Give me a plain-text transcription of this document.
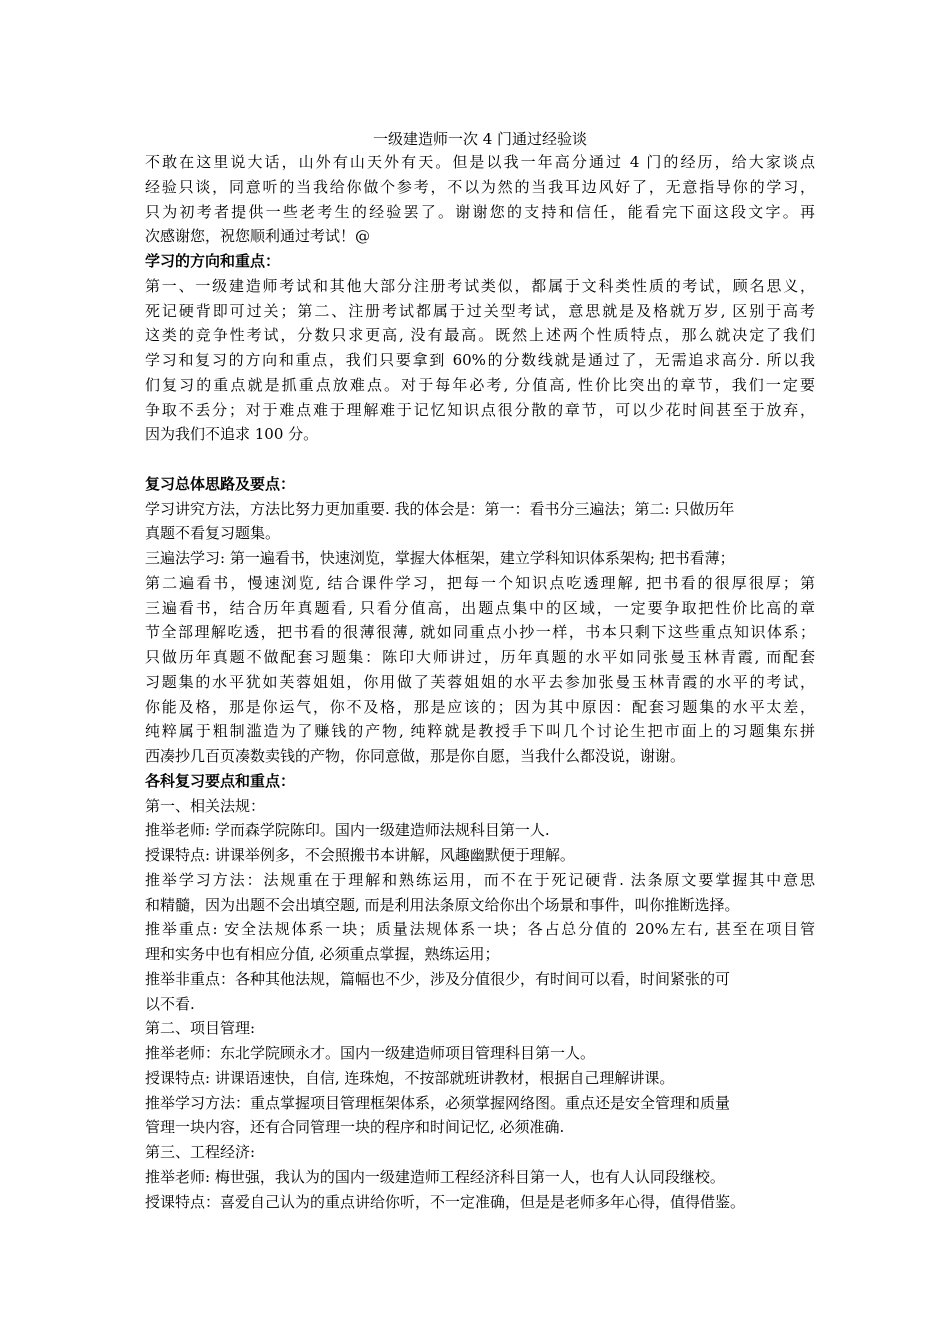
一级建造师一次 4 门通过经验谈
不敢在这里说大话，山外有山天外有天。但是以我一年高分通过 4 门的经历，给大家谈点
经验只谈，同意听的当我给你做个参考，不以为然的当我耳边风好了，无意指导你的学习，
只为初考者提供一些老考生的经验罢了。谢谢您的支持和信任，能看完下面这段文字。再
次感谢您，祝您顺利通过考试！@
学习的方向和重点：
第一、一级建造师考试和其他大部分注册考试类似，都属于文科类性质的考试，顾名思义，
死记硬背即可过关；第二、注册考试都属于过关型考试，意思就是及格就万岁, 区别于高考
这类的竞争性考试，分数只求更高, 没有最高。既然上述两个性质特点，那么就决定了我们
学习和复习的方向和重点，我们只要拿到 60%的分数线就是通过了，无需追求高分. 所以我
们复习的重点就是抓重点放难点。对于每年必考, 分值高, 性价比突出的章节，我们一定要
争取不丢分；对于难点难于理解难于记忆知识点很分散的章节，可以少花时间甚至于放弃，
因为我们不追求 100 分。
复习总体思路及要点：
学习讲究方法，方法比努力更加重要. 我的体会是：第一：看书分三遍法；第二: 只做历年
真题不看复习题集。
三遍法学习: 第一遍看书，快速浏览，掌握大体框架，建立学科知识体系架构; 把书看薄；
第二遍看书，慢速浏览, 结合课件学习，把每一个知识点吃透理解, 把书看的很厚很厚；第
三遍看书，结合历年真题看, 只看分值高，出题点集中的区域，一定要争取把性价比高的章
节全部理解吃透，把书看的很薄很薄, 就如同重点小抄一样，书本只剩下这些重点知识体系；
只做历年真题不做配套习题集：陈印大师讲过，历年真题的水平如同张曼玉林青霞, 而配套
习题集的水平犹如芙蓉姐姐，你用做了芙蓉姐姐的水平去参加张曼玉林青霞的水平的考试，
你能及格，那是你运气，你不及格，那是应该的；因为其中原因：配套习题集的水平太差，
纯粹属于粗制滥造为了赚钱的产物, 纯粹就是教授手下叫几个讨论生把市面上的习题集东拼
西凑抄几百页凑数卖钱的产物，你同意做，那是你自愿，当我什么都没说，谢谢。
各科复习要点和重点：
第一、相关法规：
推举老师: 学而森学院陈印。国内一级建造师法规科目第一人.
授课特点: 讲课举例多，不会照搬书本讲解，风趣幽默便于理解。
推举学习方法：法规重在于理解和熟练运用，而不在于死记硬背. 法条原文要掌握其中意思
和精髓，因为出题不会出填空题, 而是利用法条原文给你出个场景和事件，叫你推断选择。
推举重点: 安全法规体系一块；质量法规体系一块；各占总分值的 20%左右, 甚至在项目管
理和实务中也有相应分值, 必须重点掌握，熟练运用；
推举非重点：各种其他法规，篇幅也不少，涉及分值很少，有时间可以看，时间紧张的可
以不看.
第二、项目管理:
推举老师：东北学院顾永才。国内一级建造师项目管理科目第一人。
授课特点: 讲课语速快，自信, 连珠炮，不按部就班讲教材，根据自己理解讲课。
推举学习方法：重点掌握项目管理框架体系，必须掌握网络图。重点还是安全管理和质量
管理一块内容，还有合同管理一块的程序和时间记忆, 必须准确.
第三、工程经济:
推举老师: 梅世强，我认为的国内一级建造师工程经济科目第一人，也有人认同段继校。
授课特点：喜爱自己认为的重点讲给你听，不一定准确，但是是老师多年心得，值得借鉴。
